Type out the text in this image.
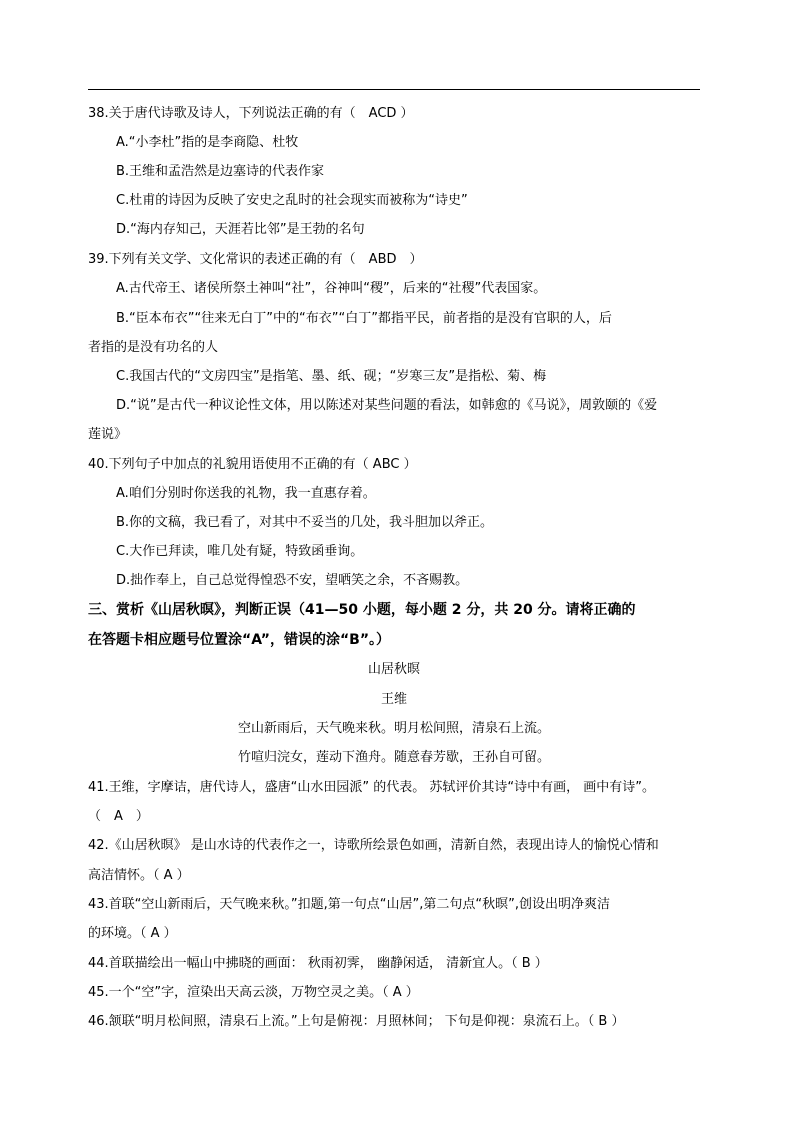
38.关于唐代诗歌及诗人，下列说法正确的有（　ACD ）
A.“小李杜”指的是李商隐、杜牧
B.王维和孟浩然是边塞诗的代表作家
C.杜甫的诗因为反映了安史之乱时的社会现实而被称为“诗史”
D.“海内存知己，天涯若比邻”是王勃的名句
39.下列有关文学、文化常识的表述正确的有（　ABD　）
A.古代帝王、诸侯所祭土神叫“社”，谷神叫“稷”，后来的“社稷”代表国家。
B.“臣本布衣”“往来无白丁”中的“布衣”“白丁”都指平民，前者指的是没有官职的人，后
者指的是没有功名的人
C.我国古代的“文房四宝”是指笔、墨、纸、砚；“岁寒三友”是指松、菊、梅
D.“说”是古代一种议论性文体，用以陈述对某些问题的看法，如韩愈的《马说》，周敦颐的《爱
莲说》
40.下列句子中加点的礼貌用语使用不正确的有（ ABC ）
A.咱们分别时你送我的礼物，我一直惠存着。
B.你的文稿，我已看了，对其中不妥当的几处，我斗胆加以斧正。
C.大作已拜读，唯几处有疑，特致函垂询。
D.拙作奉上，自己总觉得惶恐不安，望哂笑之余，不吝赐教。
三、赏析《山居秋暝》，判断正误（41—50 小题，每小题 2 分，共 20 分。请将正确的
在答题卡相应题号位置涂“A”，错误的涂“B”。）
山居秋暝
王维
空山新雨后，天气晚来秋。明月松间照，清泉石上流。
竹喧归浣女，莲动下渔舟。随意春芳歇，王孙自可留。
41.王维，字摩诘，唐代诗人，盛唐“山水田园派” 的代表。 苏轼评价其诗“诗中有画， 画中有诗”。
（　A　）
42.《山居秋暝》 是山水诗的代表作之一，诗歌所绘景色如画，清新自然，表现出诗人的愉悦心情和
高洁情怀。（ A ）
43.首联“空山新雨后，天气晚来秋。”扣题,第一句点“山居”,第二句点“秋暝”,创设出明净爽洁
的环境。（ A ）
44.首联描绘出一幅山中拂晓的画面： 秋雨初霁， 幽静闲适， 清新宜人。（ B ）
45.一个“空”字，渲染出天高云淡，万物空灵之美。（ A ）
46.颔联“明月松间照，清泉石上流。”上句是俯视：月照林间； 下句是仰视：泉流石上。（ B ）
